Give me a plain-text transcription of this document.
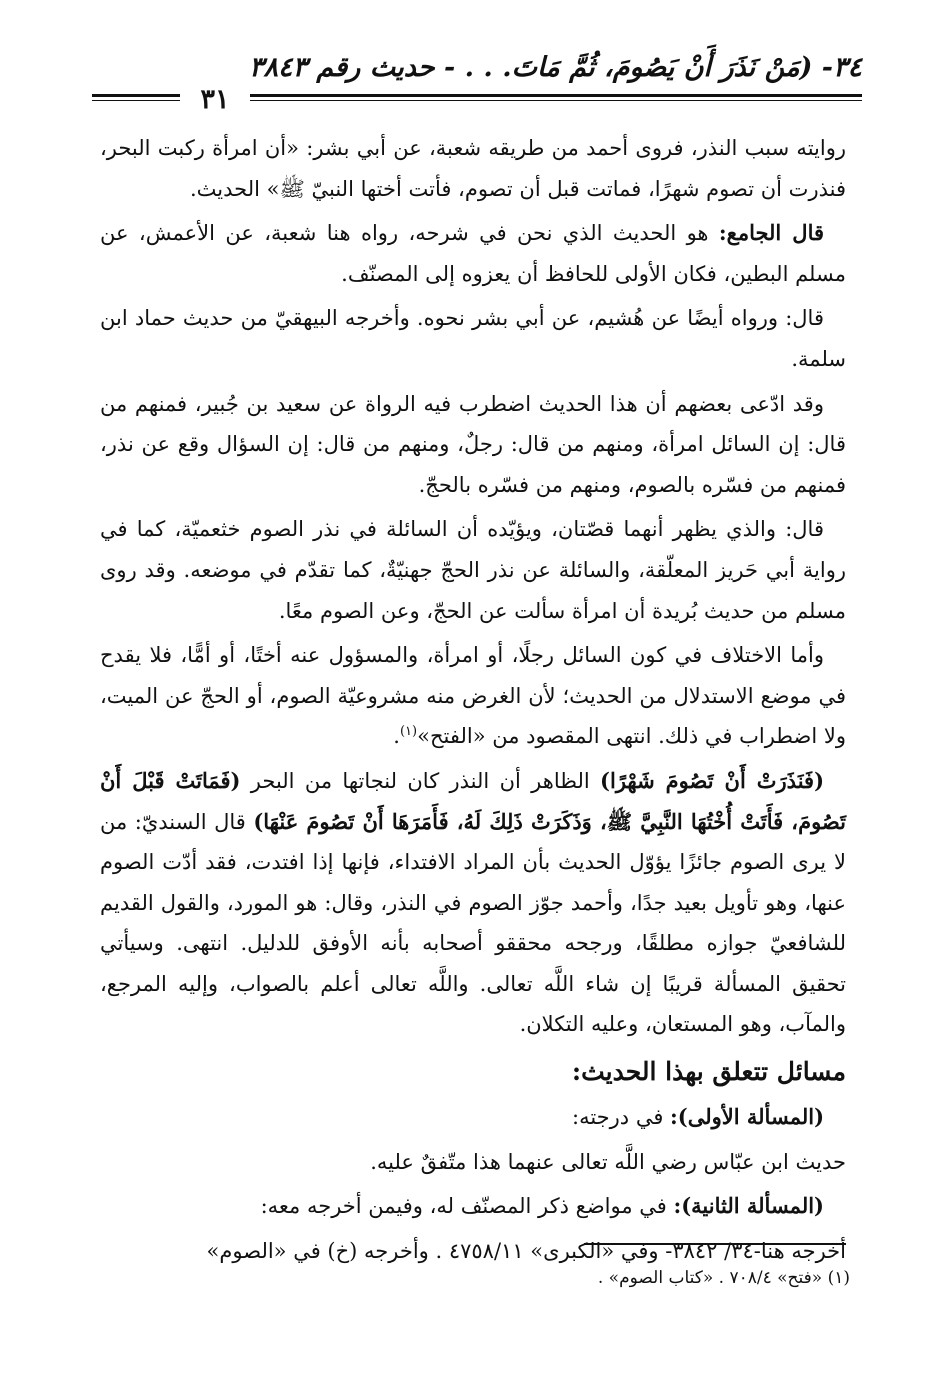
٣٤- (مَنْ نَذَرَ أَنْ يَصُومَ، ثُمَّ مَاتَ. . . - حديث رقم ٣٨٤٣
٣١

روايته سبب النذر، فروى أحمد من طريقه شعبة، عن أبي بشر: «أن امرأة ركبت البحر، فنذرت أن تصوم شهرًا، فماتت قبل أن تصوم، فأتت أختها النبيّ ﷺ» الحديث.

قال الجامع: هو الحديث الذي نحن في شرحه، رواه هنا شعبة، عن الأعمش، عن مسلم البطين، فكان الأولى للحافظ أن يعزوه إلى المصنّف.

قال: ورواه أيضًا عن هُشيم، عن أبي بشر نحوه. وأخرجه البيهقيّ من حديث حماد ابن سلمة.

وقد ادّعى بعضهم أن هذا الحديث اضطرب فيه الرواة عن سعيد بن جُبير، فمنهم من قال: إن السائل امرأة، ومنهم من قال: رجلٌ، ومنهم من قال: إن السؤال وقع عن نذر، فمنهم من فسّره بالصوم، ومنهم من فسّره بالحجّ.

قال: والذي يظهر أنهما قصّتان، ويؤيّده أن السائلة في نذر الصوم خثعميّة، كما في رواية أبي حَريز المعلّقة، والسائلة عن نذر الحجّ جهنيّةٌ، كما تقدّم في موضعه. وقد روى مسلم من حديث بُريدة أن امرأة سألت عن الحجّ، وعن الصوم معًا.

وأما الاختلاف في كون السائل رجلًا، أو امرأة، والمسؤول عنه أختًا، أو أمًّا، فلا يقدح في موضع الاستدلال من الحديث؛ لأن الغرض منه مشروعيّة الصوم، أو الحجّ عن الميت، ولا اضطراب في ذلك. انتهى المقصود من «الفتح»$^{(١)}$.

(فَنَذَرَتْ أَنْ تَصُومَ شَهْرًا) الظاهر أن النذر كان لنجاتها من البحر (فَمَاتَتْ قَبْلَ أَنْ تَصُومَ، فَأَتَتْ أُخْتُهَا النَّبِيَّ ﷺ، وَذَكَرَتْ ذَلِكَ لَهُ، فَأَمَرَهَا أَنْ تَصُومَ عَنْهَا) قال السنديّ: من لا يرى الصوم جائزًا يؤوّل الحديث بأن المراد الافتداء، فإنها إذا افتدت، فقد أدّت الصوم عنها، وهو تأويل بعيد جدًا، وأحمد جوّز الصوم في النذر، وقال: هو المورد، والقول القديم للشافعيّ جوازه مطلقًا، ورجحه محققو أصحابه بأنه الأوفق للدليل. انتهى. وسيأتي تحقيق المسألة قريبًا إن شاء اللَّه تعالى. واللَّه تعالى أعلم بالصواب، وإليه المرجع، والمآب، وهو المستعان، وعليه التكلان.

مسائل تتعلق بهذا الحديث:

(المسألة الأولى): في درجته:

حديث ابن عبّاس رضي اللَّه تعالى عنهما هذا متّفقٌ عليه.

(المسألة الثانية): في مواضع ذكر المصنّف له، وفيمن أخرجه معه:

أخرجه هنا-٣٤/ ٣٨٤٢- وفي «الكبرى» ٤٧٥٨/١١ . وأخرجه (خ) في «الصوم»

(١) «فتح» ٧٠٨/٤ . «كتاب الصوم» .
